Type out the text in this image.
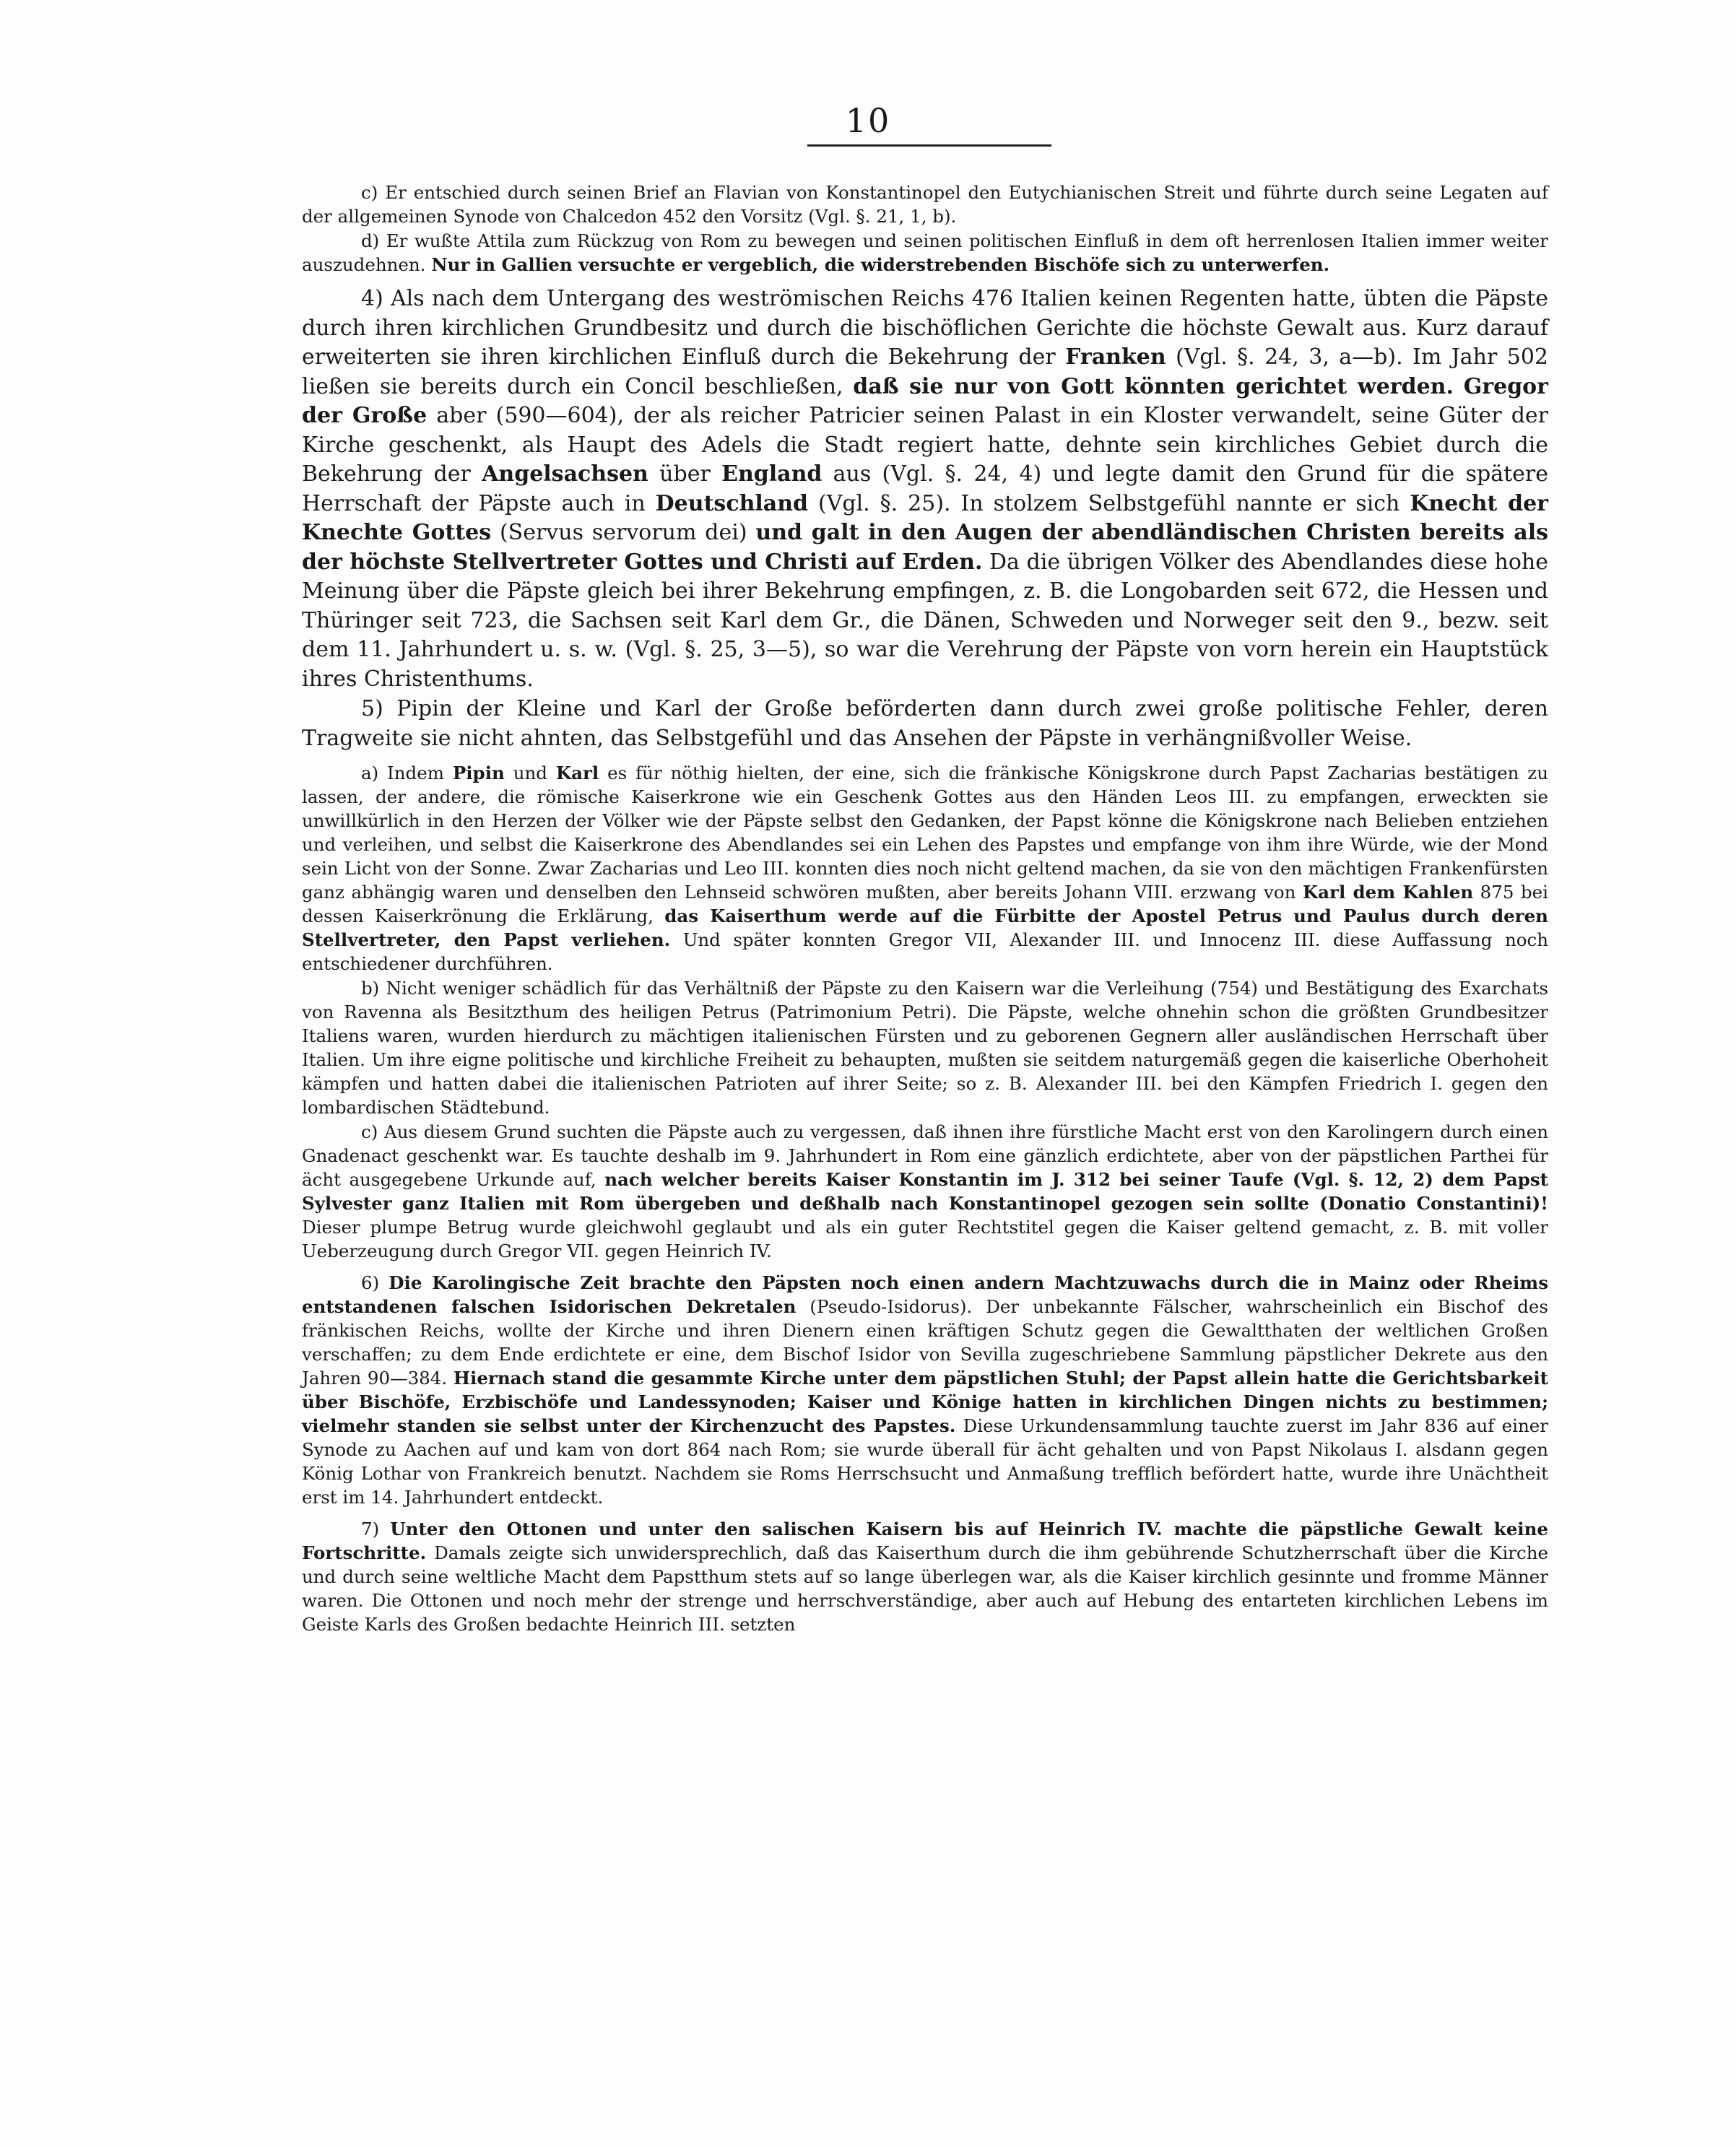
10

c) Er entschied durch seinen Brief an Flavian von Konstantinopel den Eutychianischen Streit und führte durch seine Legaten auf der allgemeinen Synode von Chalcedon 452 den Vorsitz (Vgl. §. 21, 1, b).

d) Er wußte Attila zum Rückzug von Rom zu bewegen und seinen politischen Einfluß in dem oft herrenlosen Italien immer weiter auszudehnen. Nur in Gallien versuchte er vergeblich, die widerstrebenden Bischöfe sich zu unterwerfen.

4) Als nach dem Untergang des weströmischen Reichs 476 Italien keinen Regenten hatte, übten die Päpste durch ihren kirchlichen Grundbesitz und durch die bischöflichen Gerichte die höchste Gewalt aus. Kurz darauf erweiterten sie ihren kirchlichen Einfluß durch die Bekehrung der Franken (Vgl. §. 24, 3, a—b). Im Jahr 502 ließen sie bereits durch ein Concil beschließen, daß sie nur von Gott könnten gerichtet werden. Gregor der Große aber (590—604), der als reicher Patricier seinen Palast in ein Kloster verwandelt, seine Güter der Kirche geschenkt, als Haupt des Adels die Stadt regiert hatte, dehnte sein kirchliches Gebiet durch die Bekehrung der Angelsachsen über England aus (Vgl. §. 24, 4) und legte damit den Grund für die spätere Herrschaft der Päpste auch in Deutschland (Vgl. §. 25). In stolzem Selbstgefühl nannte er sich Knecht der Knechte Gottes (Servus servorum dei) und galt in den Augen der abendländischen Christen bereits als der höchste Stellvertreter Gottes und Christi auf Erden. Da die übrigen Völker des Abendlandes diese hohe Meinung über die Päpste gleich bei ihrer Bekehrung empfingen, z. B. die Longobarden seit 672, die Hessen und Thüringer seit 723, die Sachsen seit Karl dem Gr., die Dänen, Schweden und Norweger seit den 9., bezw. seit dem 11. Jahrhundert u. s. w. (Vgl. §. 25, 3—5), so war die Verehrung der Päpste von vorn herein ein Hauptstück ihres Christenthums.

5) Pipin der Kleine und Karl der Große beförderten dann durch zwei große politische Fehler, deren Tragweite sie nicht ahnten, das Selbstgefühl und das Ansehen der Päpste in verhängnißvoller Weise.

a) Indem Pipin und Karl es für nöthig hielten, der eine, sich die fränkische Königskrone durch Papst Zacharias bestätigen zu lassen, der andere, die römische Kaiserkrone wie ein Geschenk Gottes aus den Händen Leos III. zu empfangen, erweckten sie unwillkürlich in den Herzen der Völker wie der Päpste selbst den Gedanken, der Papst könne die Königskrone nach Belieben entziehen und verleihen, und selbst die Kaiserkrone des Abendlandes sei ein Lehen des Papstes und empfange von ihm ihre Würde, wie der Mond sein Licht von der Sonne. Zwar Zacharias und Leo III. konnten dies noch nicht geltend machen, da sie von den mächtigen Frankenfürsten ganz abhängig waren und denselben den Lehnseid schwören mußten, aber bereits Johann VIII. erzwang von Karl dem Kahlen 875 bei dessen Kaiserkrönung die Erklärung, das Kaiserthum werde auf die Fürbitte der Apostel Petrus und Paulus durch deren Stellvertreter, den Papst verliehen. Und später konnten Gregor VII, Alexander III. und Innocenz III. diese Auffassung noch entschiedener durchführen.

b) Nicht weniger schädlich für das Verhältniß der Päpste zu den Kaisern war die Verleihung (754) und Bestätigung des Exarchats von Ravenna als Besitzthum des heiligen Petrus (Patrimonium Petri). Die Päpste, welche ohnehin schon die größten Grundbesitzer Italiens waren, wurden hierdurch zu mächtigen italienischen Fürsten und zu geborenen Gegnern aller ausländischen Herrschaft über Italien. Um ihre eigne politische und kirchliche Freiheit zu behaupten, mußten sie seitdem naturgemäß gegen die kaiserliche Oberhoheit kämpfen und hatten dabei die italienischen Patrioten auf ihrer Seite; so z. B. Alexander III. bei den Kämpfen Friedrich I. gegen den lombardischen Städtebund.

c) Aus diesem Grund suchten die Päpste auch zu vergessen, daß ihnen ihre fürstliche Macht erst von den Karolingern durch einen Gnadenact geschenkt war. Es tauchte deshalb im 9. Jahrhundert in Rom eine gänzlich erdichtete, aber von der päpstlichen Parthei für ächt ausgegebene Urkunde auf, nach welcher bereits Kaiser Konstantin im J. 312 bei seiner Taufe (Vgl. §. 12, 2) dem Papst Sylvester ganz Italien mit Rom übergeben und deßhalb nach Konstantinopel gezogen sein sollte (Donatio Constantini)! Dieser plumpe Betrug wurde gleichwohl geglaubt und als ein guter Rechtstitel gegen die Kaiser geltend gemacht, z. B. mit voller Ueberzeugung durch Gregor VII. gegen Heinrich IV.

6) Die Karolingische Zeit brachte den Päpsten noch einen andern Machtzuwachs durch die in Mainz oder Rheims entstandenen falschen Isidorischen Dekretalen (Pseudo-Isidorus). Der unbekannte Fälscher, wahrscheinlich ein Bischof des fränkischen Reichs, wollte der Kirche und ihren Dienern einen kräftigen Schutz gegen die Gewaltthaten der weltlichen Großen verschaffen; zu dem Ende erdichtete er eine, dem Bischof Isidor von Sevilla zugeschriebene Sammlung päpstlicher Dekrete aus den Jahren 90—384. Hiernach stand die gesammte Kirche unter dem päpstlichen Stuhl; der Papst allein hatte die Gerichtsbarkeit über Bischöfe, Erzbischöfe und Landessynoden; Kaiser und Könige hatten in kirchlichen Dingen nichts zu bestimmen; vielmehr standen sie selbst unter der Kirchenzucht des Papstes. Diese Urkundensammlung tauchte zuerst im Jahr 836 auf einer Synode zu Aachen auf und kam von dort 864 nach Rom; sie wurde überall für ächt gehalten und von Papst Nikolaus I. alsdann gegen König Lothar von Frankreich benutzt. Nachdem sie Roms Herrschsucht und Anmaßung trefflich befördert hatte, wurde ihre Unächtheit erst im 14. Jahrhundert entdeckt.

7) Unter den Ottonen und unter den salischen Kaisern bis auf Heinrich IV. machte die päpstliche Gewalt keine Fortschritte. Damals zeigte sich unwidersprechlich, daß das Kaiserthum durch die ihm gebührende Schutzherrschaft über die Kirche und durch seine weltliche Macht dem Papstthum stets auf so lange überlegen war, als die Kaiser kirchlich gesinnte und fromme Männer waren. Die Ottonen und noch mehr der strenge und herrschverständige, aber auch auf Hebung des entarteten kirchlichen Lebens im Geiste Karls des Großen bedachte Heinrich III. setzten
